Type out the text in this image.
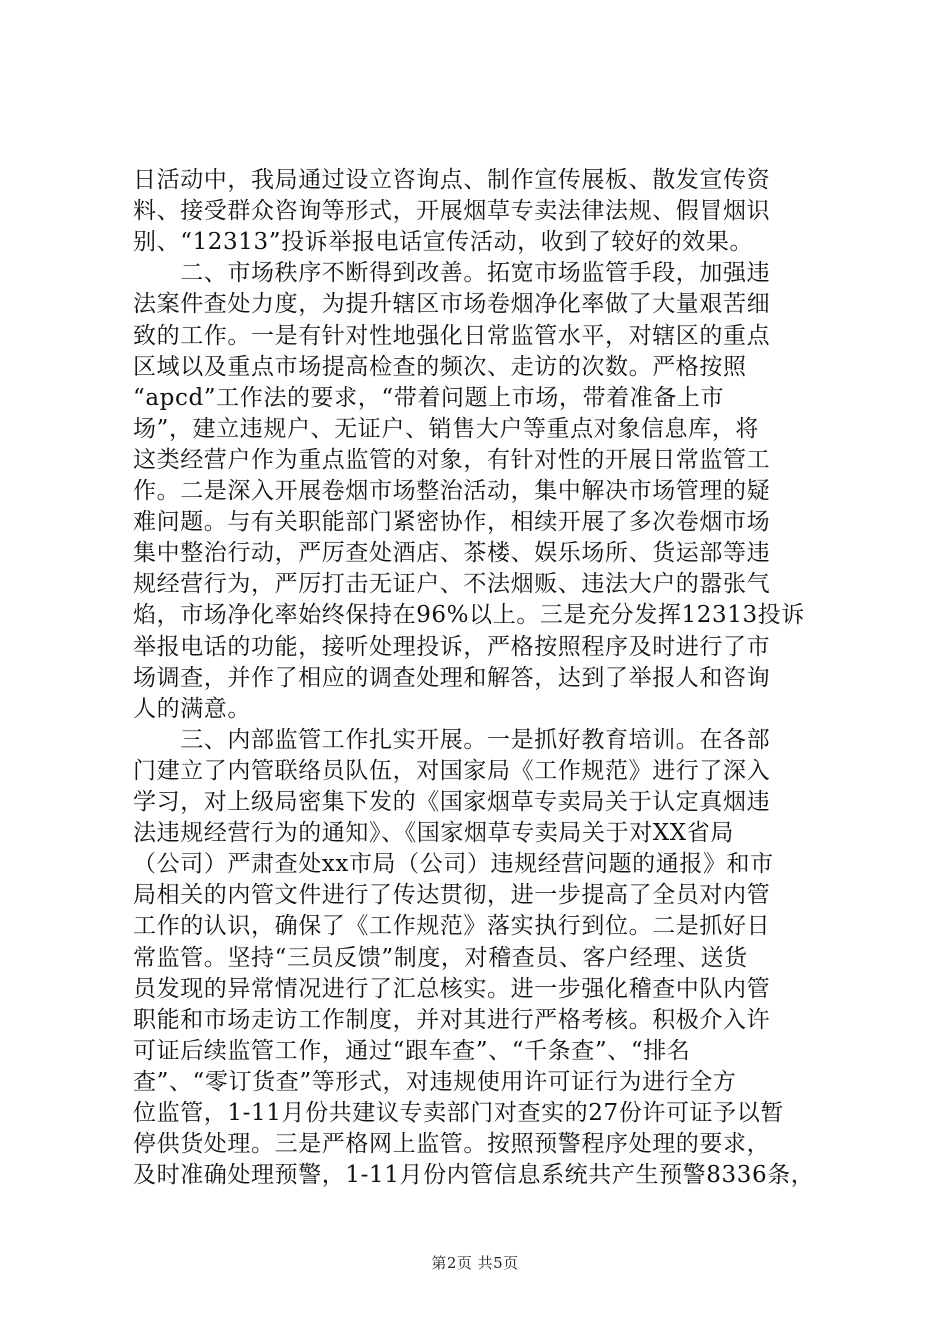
日活动中，我局通过设立咨询点、制作宣传展板、散发宣传资
料、接受群众咨询等形式，开展烟草专卖法律法规、假冒烟识
别、“12313”投诉举报电话宣传活动，收到了较好的效果。
　　二、市场秩序不断得到改善。拓宽市场监管手段，加强违
法案件查处力度，为提升辖区市场卷烟净化率做了大量艰苦细
致的工作。一是有针对性地强化日常监管水平，对辖区的重点
区域以及重点市场提高检查的频次、走访的次数。严格按照
“apcd”工作法的要求，“带着问题上市场，带着准备上市
场”，建立违规户、无证户、销售大户等重点对象信息库，将
这类经营户作为重点监管的对象，有针对性的开展日常监管工
作。二是深入开展卷烟市场整治活动，集中解决市场管理的疑
难问题。与有关职能部门紧密协作，相续开展了多次卷烟市场
集中整治行动，严厉查处酒店、茶楼、娱乐场所、货运部等违
规经营行为，严厉打击无证户、不法烟贩、违法大户的嚣张气
焰，市场净化率始终保持在96%以上。三是充分发挥12313投诉
举报电话的功能，接听处理投诉，严格按照程序及时进行了市
场调查，并作了相应的调查处理和解答，达到了举报人和咨询
人的满意。
　　三、内部监管工作扎实开展。一是抓好教育培训。在各部
门建立了内管联络员队伍，对国家局《工作规范》进行了深入
学习，对上级局密集下发的《国家烟草专卖局关于认定真烟违
法违规经营行为的通知》、《国家烟草专卖局关于对XX省局
（公司）严肃查处xx市局（公司）违规经营问题的通报》和市
局相关的内管文件进行了传达贯彻，进一步提高了全员对内管
工作的认识，确保了《工作规范》落实执行到位。二是抓好日
常监管。坚持“三员反馈”制度，对稽查员、客户经理、送货
员发现的异常情况进行了汇总核实。进一步强化稽查中队内管
职能和市场走访工作制度，并对其进行严格考核。积极介入许
可证后续监管工作，通过“跟车查”、“千条查”、“排名
查”、“零订货查”等形式，对违规使用许可证行为进行全方
位监管，1-11月份共建议专卖部门对查实的27份许可证予以暂
停供货处理。三是严格网上监管。按照预警程序处理的要求，
及时准确处理预警，1-11月份内管信息系统共产生预警8336条，
第2页 共5页
